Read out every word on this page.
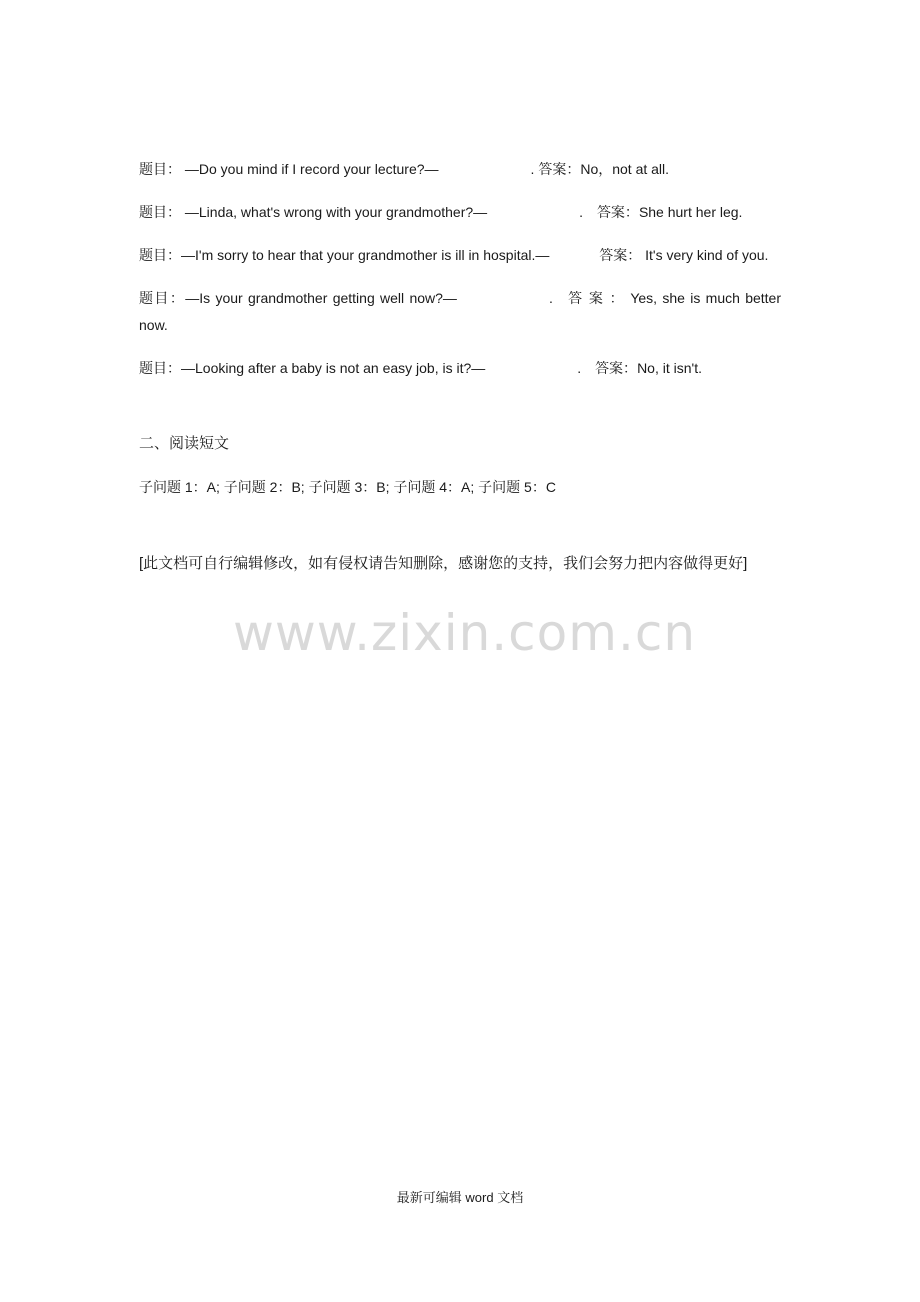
题目： —Do you mind if I record your lecture?—	. 答案：No，not at all.

题目： —Linda, what's wrong with your grandmother?—	. 答案：She hurt her leg.

题目：—I'm sorry to hear that your grandmother is ill in hospital.—	答案： It's very kind of you.

题目：—Is your grandmother getting well now?—	. 答 案 ： Yes, she is much better now.

题目：—Looking after a baby is not an easy job, is it?—	. 答案：No, it isn't.

二、阅读短文
子问题 1：A; 子问题 2：B; 子问题 3：B; 子问题 4：A; 子问题 5：C
[此文档可自行编辑修改，如有侵权请告知删除，感谢您的支持，我们会努力把内容做得更好]
www.zixin.com.cn
最新可编辑 word 文档
